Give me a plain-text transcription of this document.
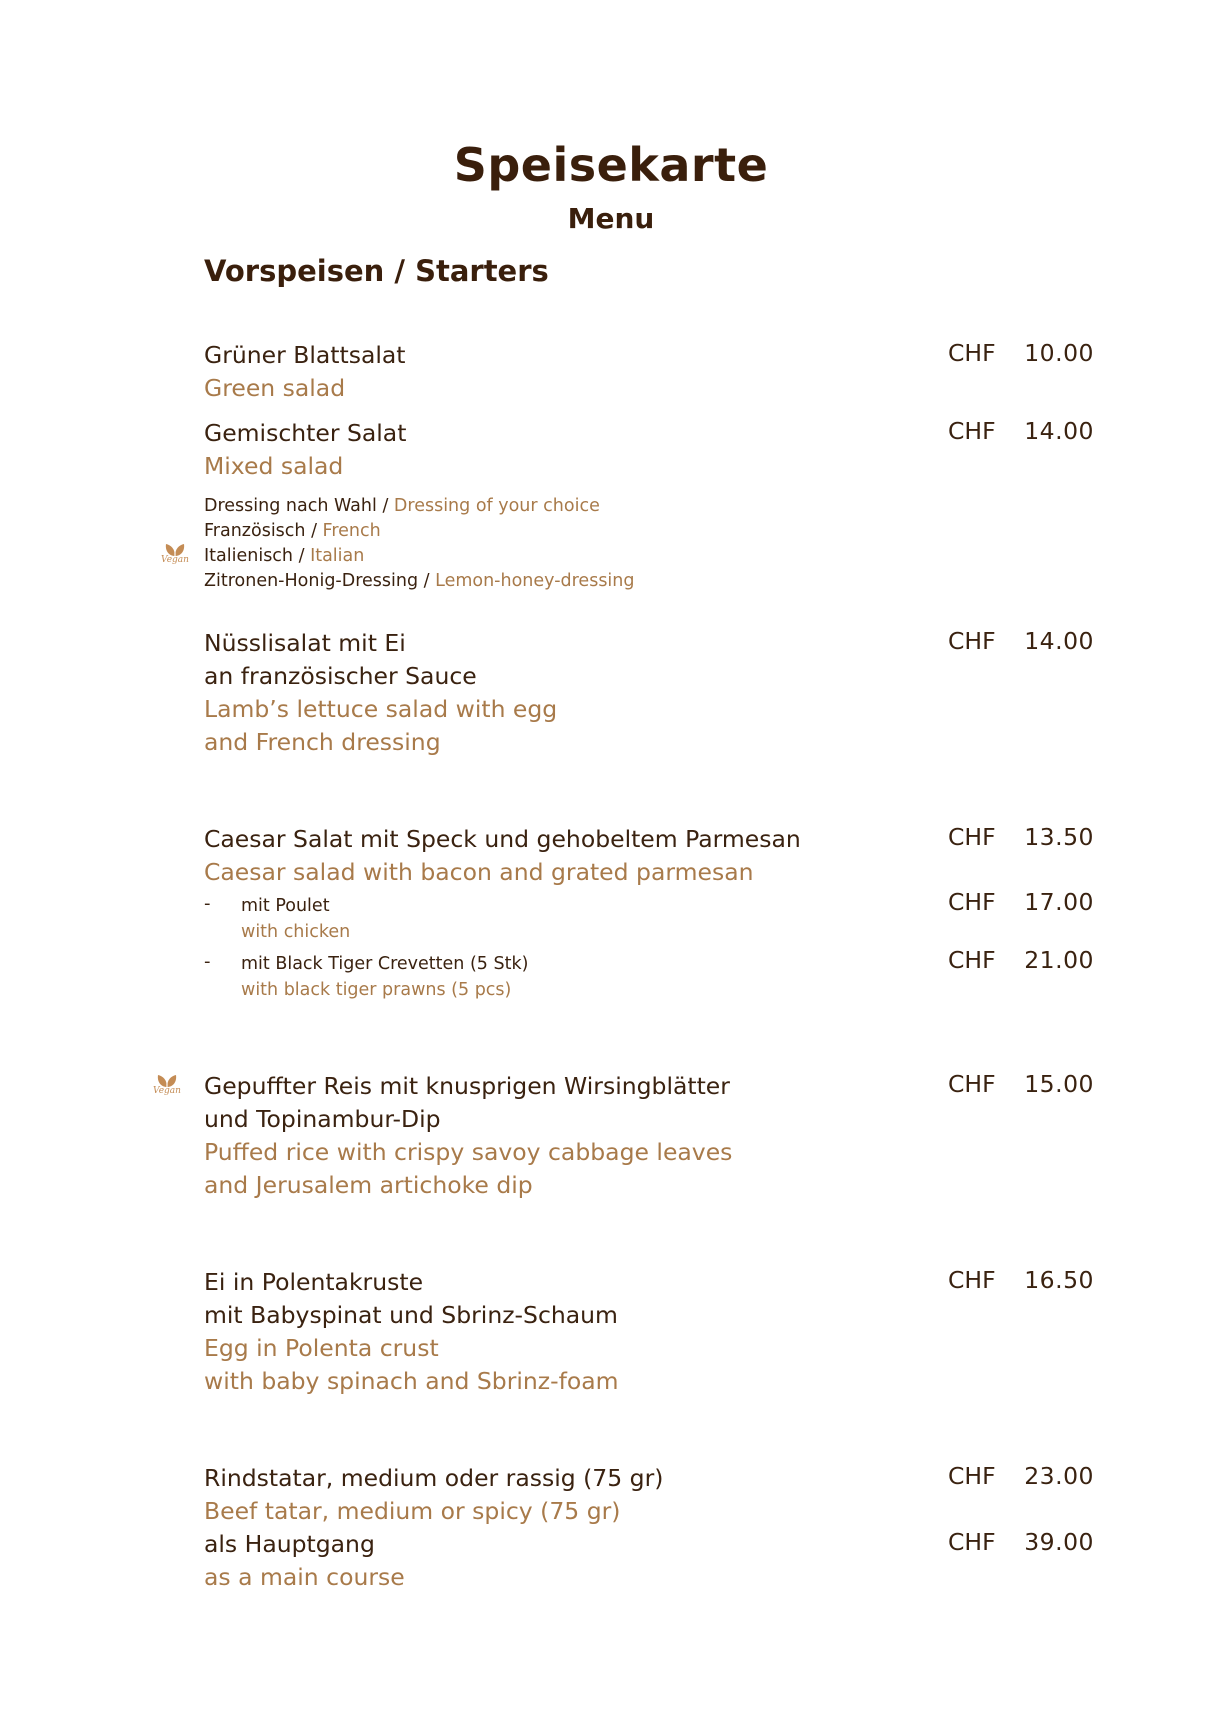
Speisekarte
Menu
Vorspeisen / Starters
Grüner Blattsalat
Green salad
CHF 10.00
Gemischter Salat
Mixed salad
CHF 14.00
Dressing nach Wahl / Dressing of your choice
Französisch / French
Italienisch / Italian
Zitronen-Honig-Dressing / Lemon-honey-dressing
Vegan
Nüsslisalat mit Ei
an französischer Sauce
Lamb’s lettuce salad with egg
and French dressing
CHF 14.00
Caesar Salat mit Speck und gehobeltem Parmesan
Caesar salad with bacon and grated parmesan
CHF 13.50
- mit Poulet
with chicken
CHF 17.00
- mit Black Tiger Crevetten (5 Stk)
with black tiger prawns (5 pcs)
CHF 21.00
Vegan Gepuffter Reis mit knusprigen Wirsingblätter
und Topinambur-Dip
Puffed rice with crispy savoy cabbage leaves
and Jerusalem artichoke dip
CHF 15.00
Ei in Polentakruste
mit Babyspinat und Sbrinz-Schaum
Egg in Polenta crust
with baby spinach and Sbrinz-foam
CHF 16.50
Rindstatar, medium oder rassig (75 gr)
Beef tatar, medium or spicy (75 gr)
CHF 23.00
als Hauptgang
as a main course
CHF 39.00
